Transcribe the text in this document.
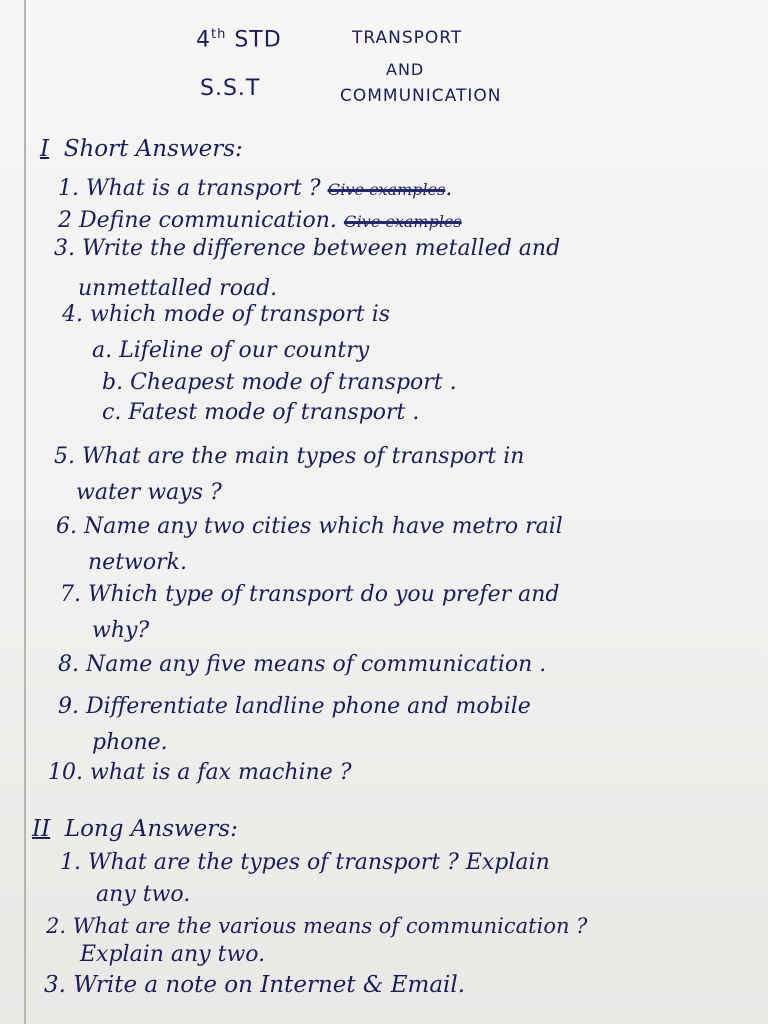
4th STD
S.S.T
TRANSPORT
AND
COMMUNICATION
I Short Answers:
1. What is a transport ? Give examples.
2 Define communication. Give examples
3. Write the difference between metalled and
unmettalled road.
4. which mode of transport is
a. Lifeline of our country
b. Cheapest mode of transport .
c. Fatest mode of transport .
5. What are the main types of transport in
water ways ?
6. Name any two cities which have metro rail
network.
7. Which type of transport do you prefer and
why?
8. Name any five means of communication .
9. Differentiate landline phone and mobile
phone.
10. what is a fax machine ?
II Long Answers:
1. What are the types of transport ? Explain
any two.
2. What are the various means of communication ?
Explain any two.
3. Write a note on Internet & Email.
